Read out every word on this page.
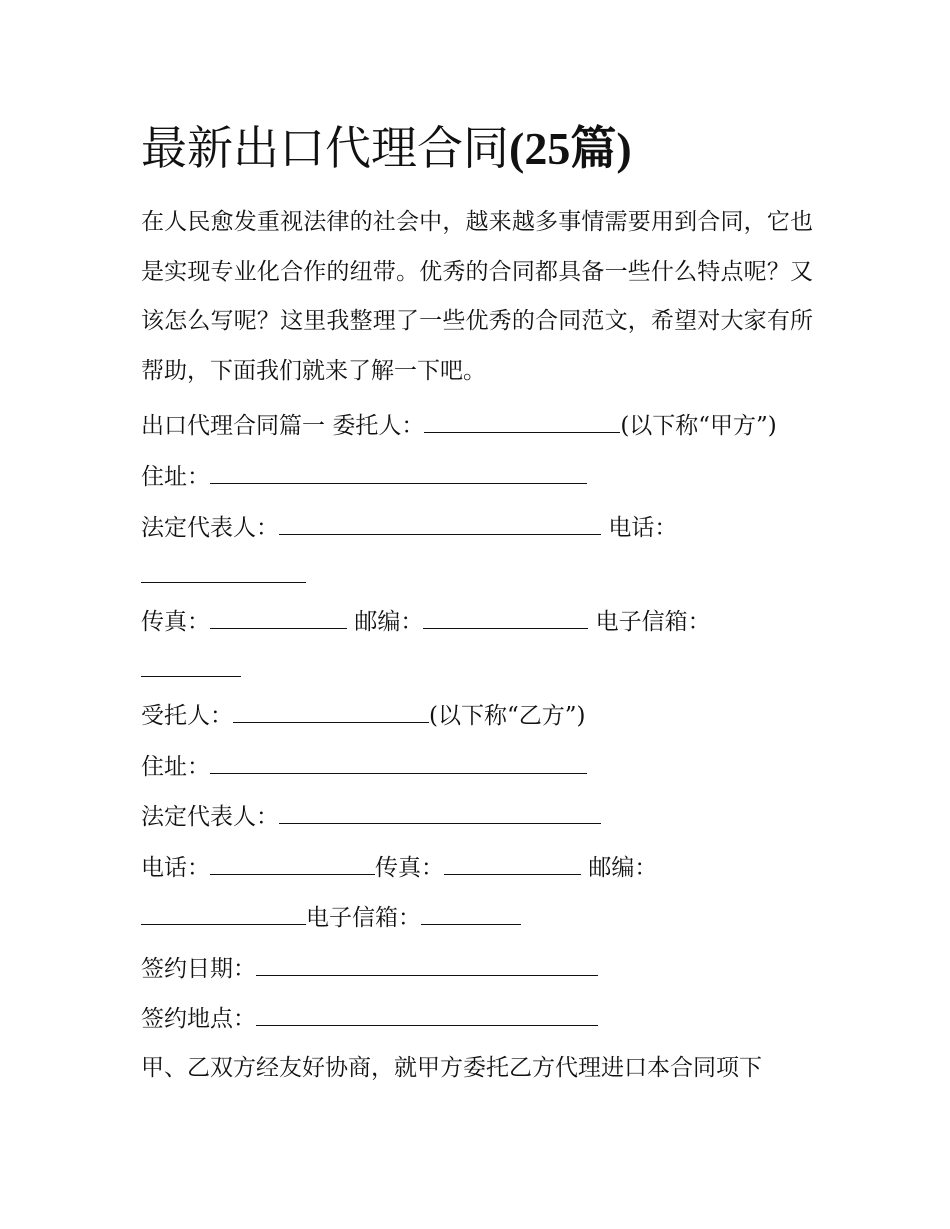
最新出口代理合同(25篇)
在人民愈发重视法律的社会中，越来越多事情需要用到合同，它也是实现专业化合作的纽带。优秀的合同都具备一些什么特点呢？又该怎么写呢？这里我整理了一些优秀的合同范文，希望对大家有所帮助，下面我们就来了解一下吧。
出口代理合同篇一 委托人：	(以下称“甲方”)
住址：
法定代表人：	电话：
传真：	邮编：	电子信箱：
受托人：	(以下称“乙方”)
住址：
法定代表人：
电话：	传真：	邮编：
电子信箱：
签约日期：
签约地点：
甲、乙双方经友好协商，就甲方委托乙方代理进口本合同项下
